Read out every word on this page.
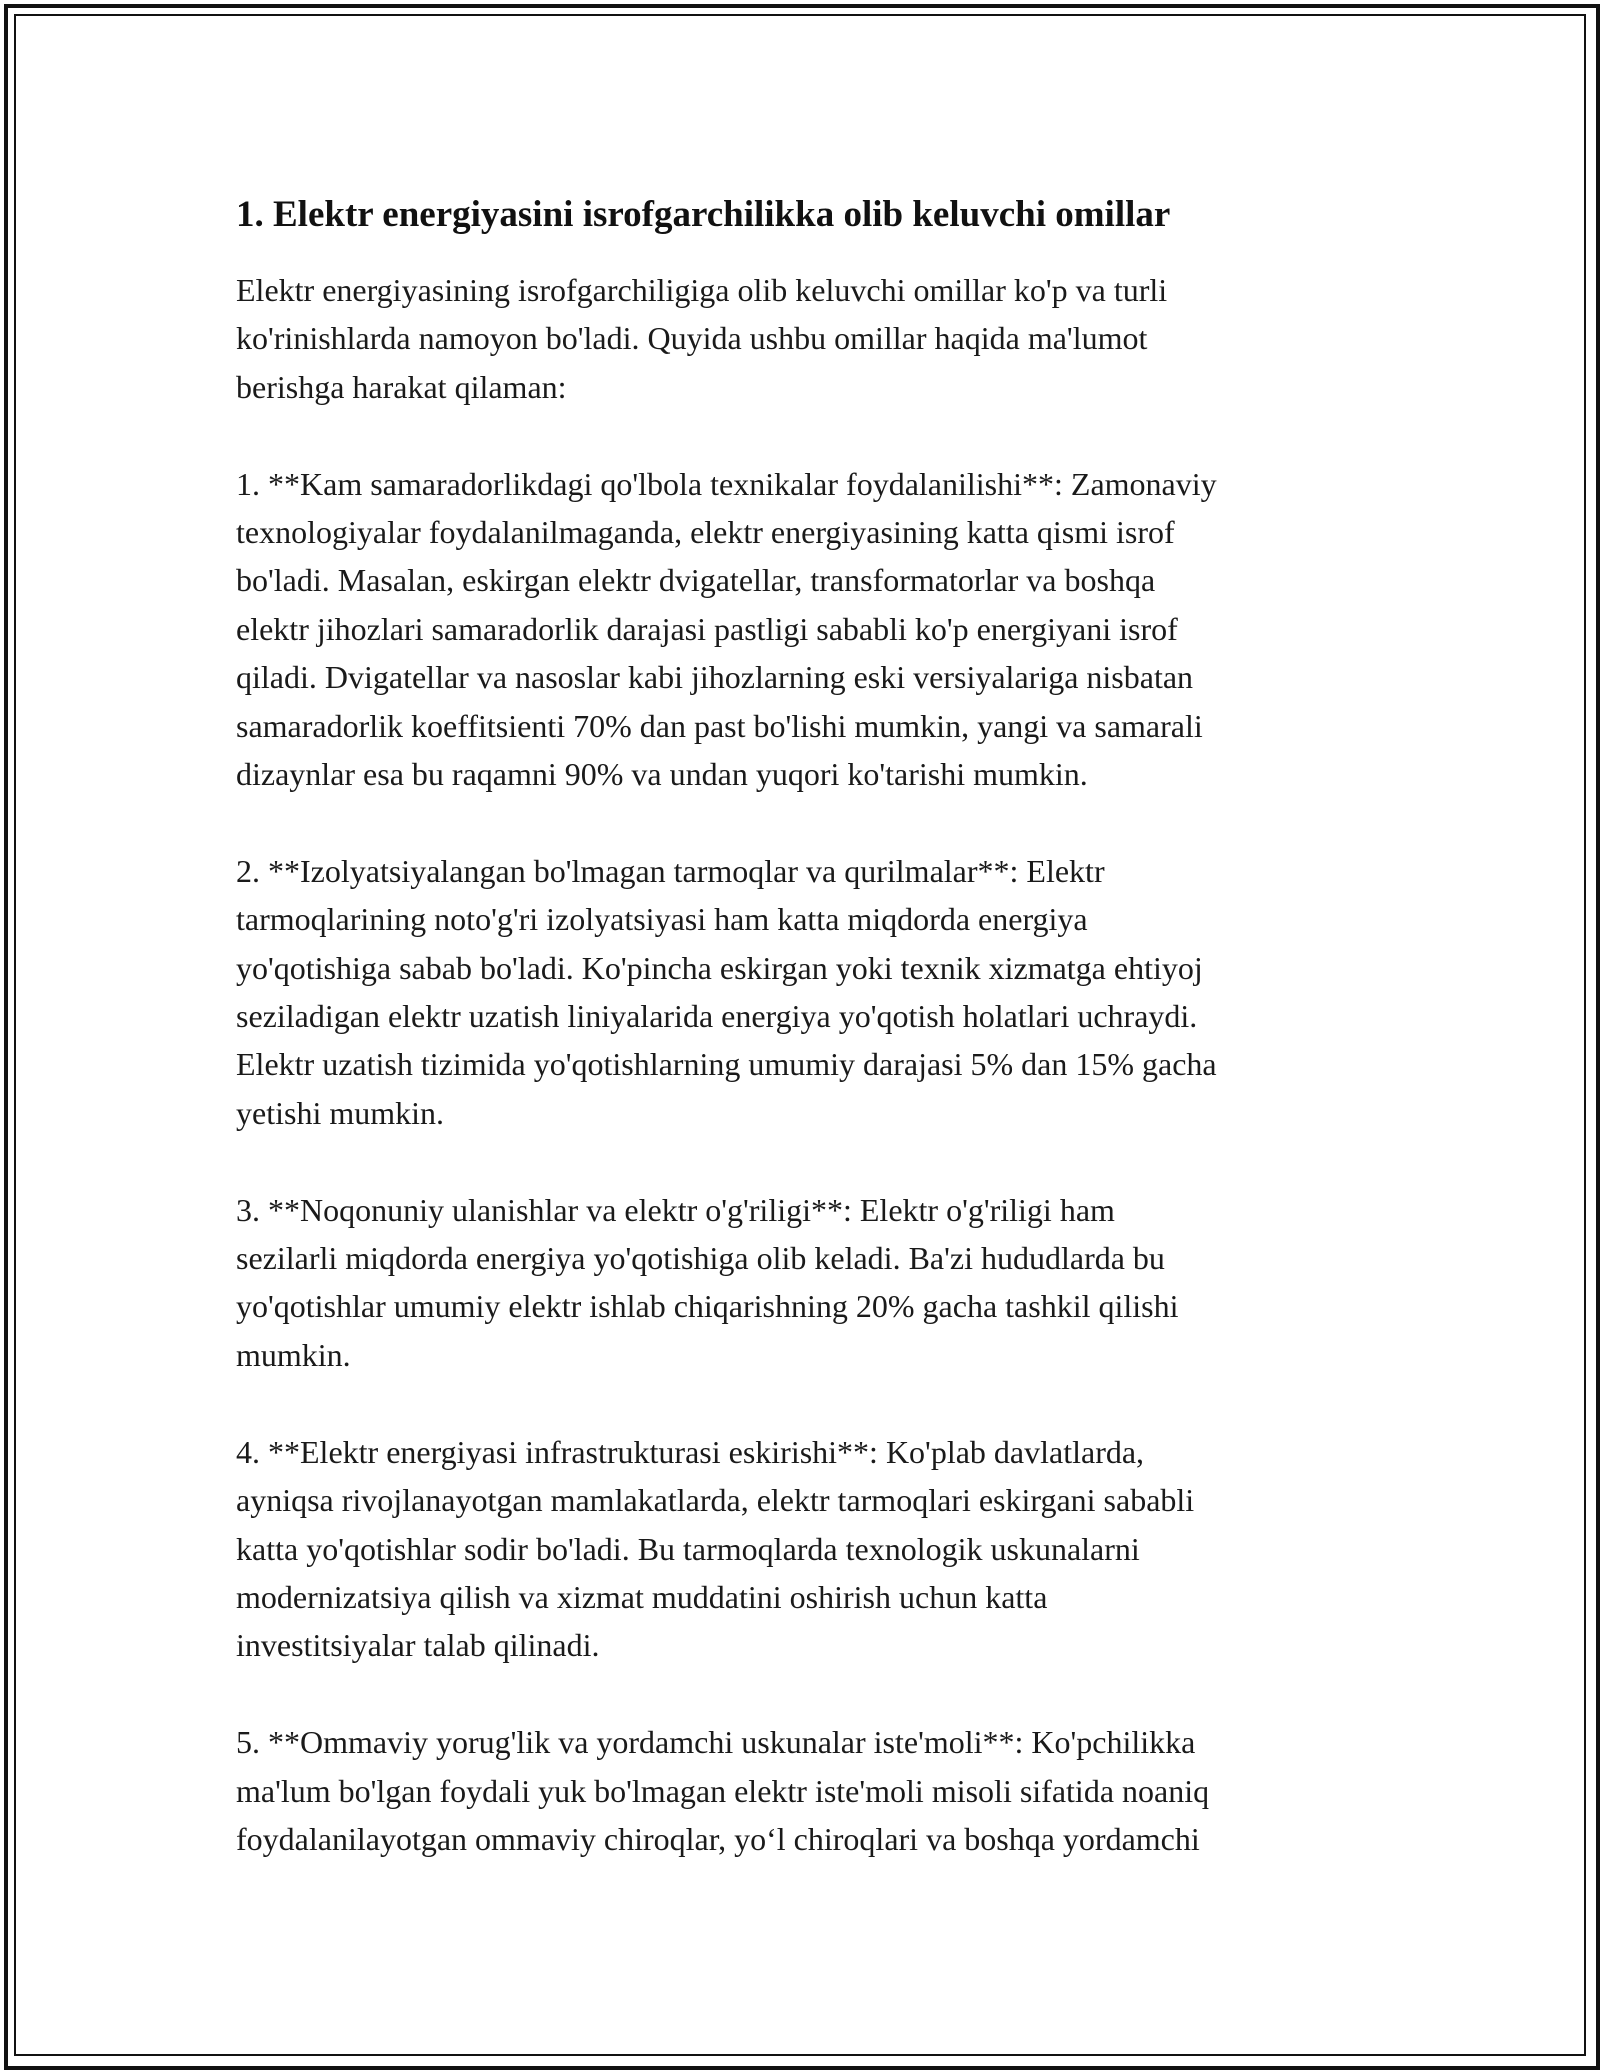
1. Elektr energiyasini isrofgarchilikka olib keluvchi omillar

Elektr energiyasining isrofgarchiligiga olib keluvchi omillar ko'p va turli
ko'rinishlarda namoyon bo'ladi. Quyida ushbu omillar haqida ma'lumot
berishga harakat qilaman:

1. **Kam samaradorlikdagi qo'lbola texnikalar foydalanilishi**: Zamonaviy
texnologiyalar foydalanilmaganda, elektr energiyasining katta qismi isrof
bo'ladi. Masalan, eskirgan elektr dvigatellar, transformatorlar va boshqa
elektr jihozlari samaradorlik darajasi pastligi sababli ko'p energiyani isrof
qiladi. Dvigatellar va nasoslar kabi jihozlarning eski versiyalariga nisbatan
samaradorlik koeffitsienti 70% dan past bo'lishi mumkin, yangi va samarali
dizaynlar esa bu raqamni 90% va undan yuqori ko'tarishi mumkin.

2. **Izolyatsiyalangan bo'lmagan tarmoqlar va qurilmalar**: Elektr
tarmoqlarining noto'g'ri izolyatsiyasi ham katta miqdorda energiya
yo'qotishiga sabab bo'ladi. Ko'pincha eskirgan yoki texnik xizmatga ehtiyoj
seziladigan elektr uzatish liniyalarida energiya yo'qotish holatlari uchraydi.
Elektr uzatish tizimida yo'qotishlarning umumiy darajasi 5% dan 15% gacha
yetishi mumkin.

3. **Noqonuniy ulanishlar va elektr o'g'riligi**: Elektr o'g'riligi ham
sezilarli miqdorda energiya yo'qotishiga olib keladi. Ba'zi hududlarda bu
yo'qotishlar umumiy elektr ishlab chiqarishning 20% gacha tashkil qilishi
mumkin.

4. **Elektr energiyasi infrastrukturasi eskirishi**: Ko'plab davlatlarda,
ayniqsa rivojlanayotgan mamlakatlarda, elektr tarmoqlari eskirgani sababli
katta yo'qotishlar sodir bo'ladi. Bu tarmoqlarda texnologik uskunalarni
modernizatsiya qilish va xizmat muddatini oshirish uchun katta
investitsiyalar talab qilinadi.

5. **Ommaviy yorug'lik va yordamchi uskunalar iste'moli**: Ko'pchilikka
ma'lum bo'lgan foydali yuk bo'lmagan elektr iste'moli misoli sifatida noaniq
foydalanilayotgan ommaviy chiroqlar, yo‘l chiroqlari va boshqa yordamchi
